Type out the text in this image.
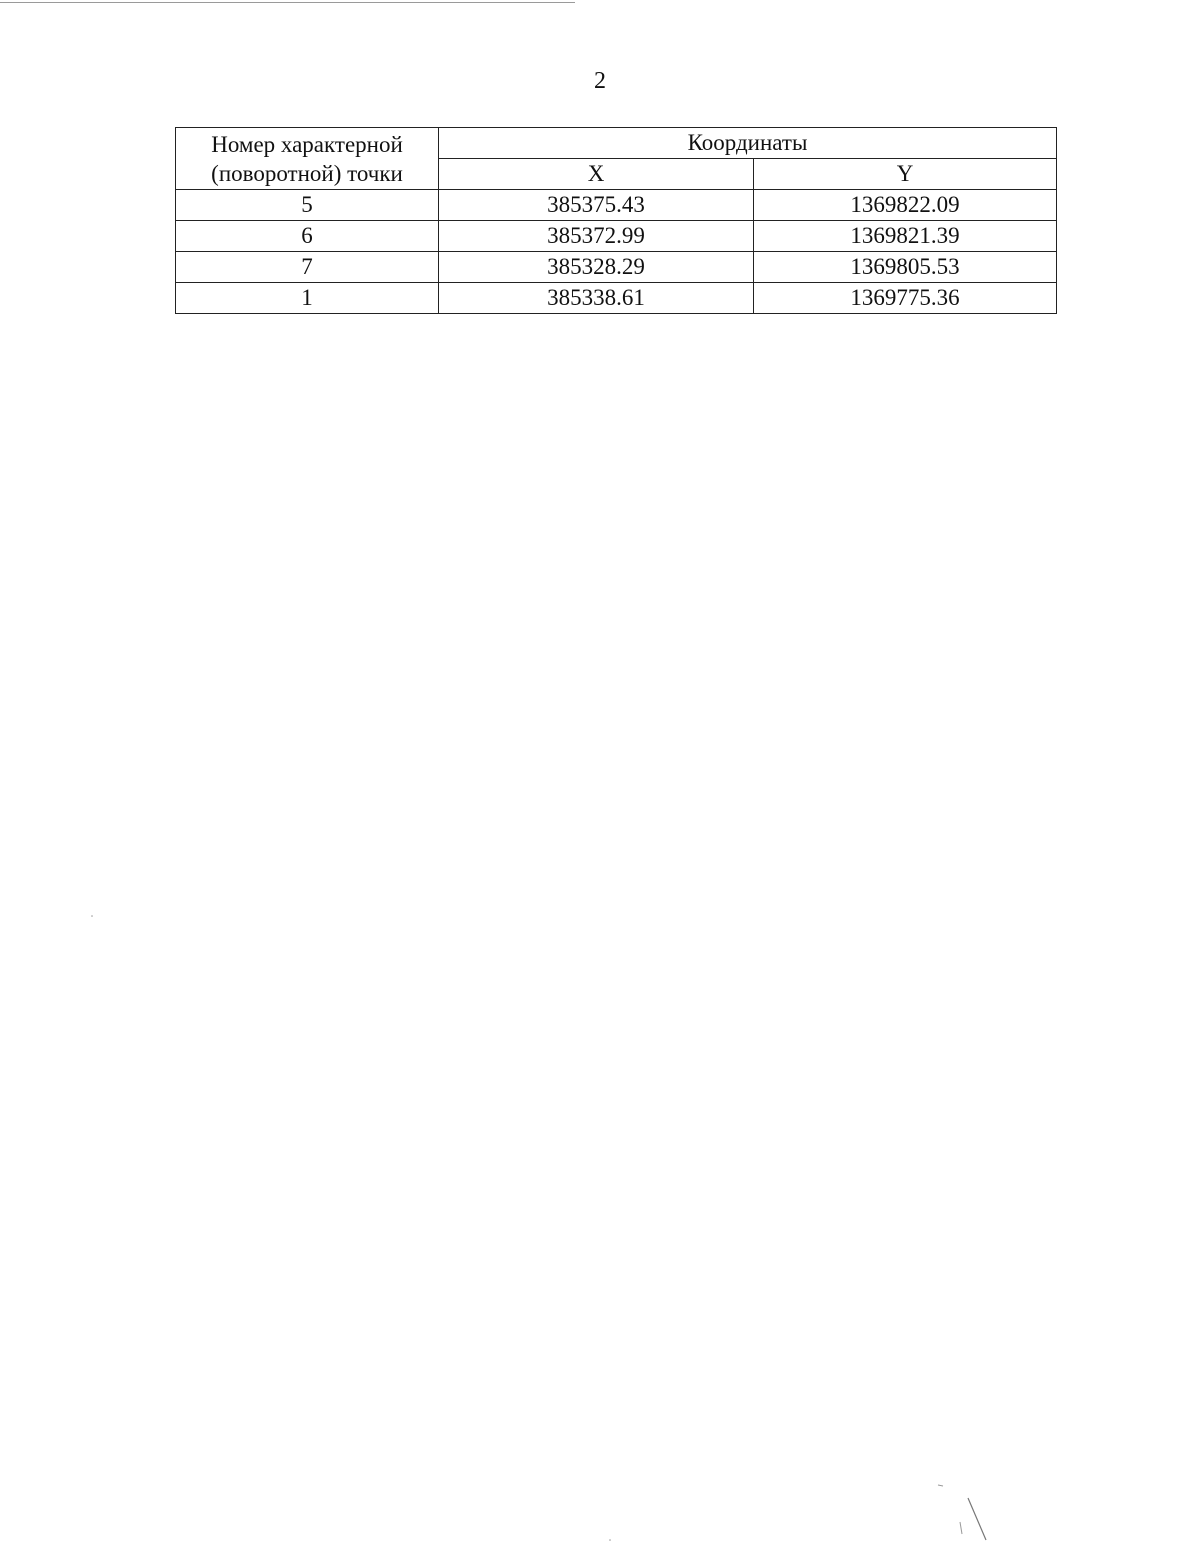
2
Номер характерной (поворотной) точки	Координаты	
	X	Y
5	385375.43	1369822.09
6	385372.99	1369821.39
7	385328.29	1369805.53
1	385338.61	1369775.36
